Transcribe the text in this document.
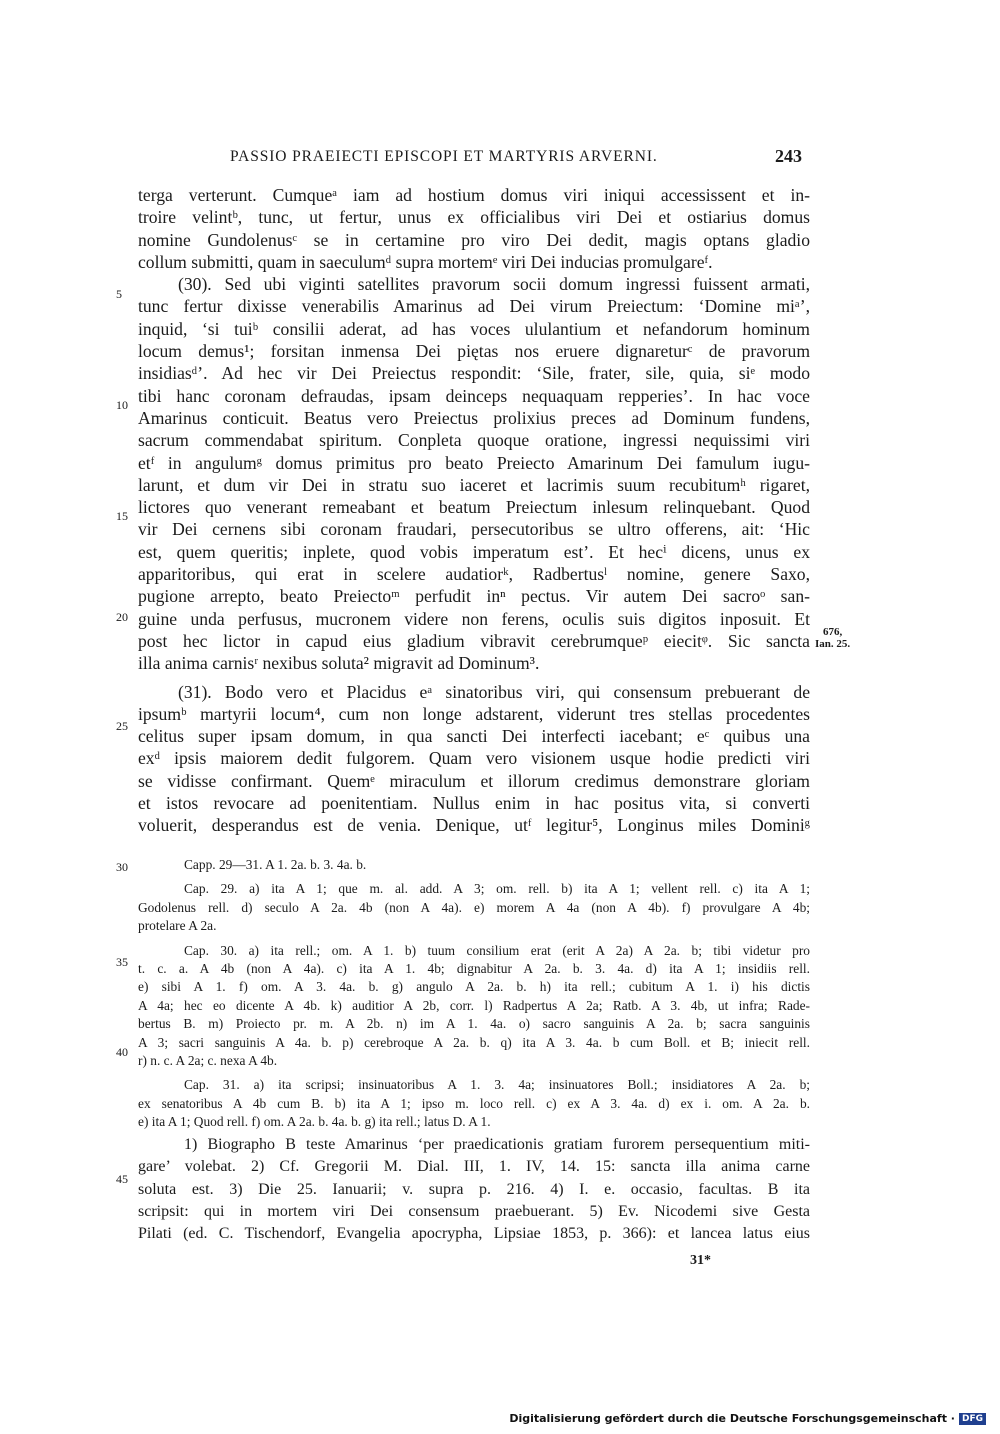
PASSIO PRAEIECTI EPISCOPI ET MARTYRIS ARVERNI.	243
terga verterunt. Cumqueᵃ iam ad hostium domus viri iniqui accessissent et in-
troire velintᵇ, tunc, ut fertur, unus ex officialibus viri Dei et ostiarius domus
nomine Gundolenusᶜ se in certamine pro viro Dei dedit, magis optans gladio
collum submitti, quam in saeculumᵈ supra mortemᵉ viri Dei inducias promulgareᶠ.
(30). Sed ubi viginti satellites pravorum socii domum ingressi fuissent armati,
tunc fertur dixisse venerabilis Amarinus ad Dei virum Preiectum: ‘Domine miᵃ’,
inquid, ‘si tuiᵇ consilii aderat, ad has voces ululantium et nefandorum hominum
locum demus¹; forsitan inmensa Dei piętas nos eruere dignareturᶜ de pravorum
insidiasᵈ’. Ad hec vir Dei Preiectus respondit: ‘Sile, frater, sile, quia, siᵉ modo
tibi hanc coronam defraudas, ipsam deinceps nequaquam repperies’. In hac voce
Amarinus conticuit. Beatus vero Preiectus prolixius preces ad Dominum fundens,
sacrum commendabat spiritum. Conpleta quoque oratione, ingressi nequissimi viri
etᶠ in angulumᵍ domus primitus pro beato Preiecto Amarinum Dei famulum iugu-
larunt, et dum vir Dei in stratu suo iaceret et lacrimis suum recubitumʰ rigaret,
lictores quo venerant remeabant et beatum Preiectum inlesum relinquebant. Quod
vir Dei cernens sibi coronam fraudari, persecutoribus se ultro offerens, ait: ‘Hic
est, quem queritis; inplete, quod vobis imperatum est’. Et hecⁱ dicens, unus ex
apparitoribus, qui erat in scelere audatiorᵏ, Radbertusˡ nomine, genere Saxo,
pugione arrepto, beato Preiectoᵐ perfudit inⁿ pectus. Vir autem Dei sacroᵒ san-
guine unda perfusus, mucronem videre non ferens, oculis suis digitos inposuit. Et
post hec lictor in capud eius gladium vibravit cerebrumqueᵖ eiecitᵠ. Sic sancta
illa anima carnisʳ nexibus soluta² migravit ad Dominum³.
(31). Bodo vero et Placidus eᵃ sinatoribus viri, qui consensum prebuerant de
ipsumᵇ martyrii locum⁴, cum non longe adstarent, viderunt tres stellas procedentes
celitus super ipsam domum, in qua sancti Dei interfecti iacebant; eᶜ quibus una
exᵈ ipsis maiorem dedit fulgorem. Quam vero visionem usque hodie predicti viri
se vidisse confirmant. Quemᵉ miraculum et illorum credimus demonstrare gloriam
et istos revocare ad poenitentiam. Nullus enim in hac positus vita, si converti
voluerit, desperandus est de venia. Denique, utᶠ legitur⁵, Longinus miles Dominiᵍ
5
10
15
20
25
676,
Ian. 25.
Capp. 29—31. A 1. 2a. b. 3. 4a. b.
Cap. 29. a) ita A 1; que m. al. add. A 3; om. rell. b) ita A 1; vellent rell. c) ita A 1;
Godolenus rell. d) seculo A 2a. 4b (non A 4a). e) morem A 4a (non A 4b). f) provulgare A 4b;
protelare A 2a.
Cap. 30. a) ita rell.; om. A 1. b) tuum consilium erat (erit A 2a) A 2a. b; tibi videtur pro
t. c. a. A 4b (non A 4a). c) ita A 1. 4b; dignabitur A 2a. b. 3. 4a. d) ita A 1; insidiis rell.
e) sibi A 1. f) om. A 3. 4a. b. g) angulo A 2a. b. h) ita rell.; cubitum A 1. i) his dictis
A 4a; hec eo dicente A 4b. k) auditior A 2b, corr. l) Radpertus A 2a; Ratb. A 3. 4b, ut infra; Rade-
bertus B. m) Proiecto pr. m. A 2b. n) im A 1. 4a. o) sacro sanguinis A 2a. b; sacra sanguinis
A 3; sacri sanguinis A 4a. b. p) cerebroque A 2a. b. q) ita A 3. 4a. b cum Boll. et B; iniecit rell.
r) n. c. A 2a; c. nexa A 4b.
Cap. 31. a) ita scripsi; insinuatoribus A 1. 3. 4a; insinuatores Boll.; insidiatores A 2a. b;
ex senatoribus A 4b cum B. b) ita A 1; ipso m. loco rell. c) ex A 3. 4a. d) ex i. om. A 2a. b.
e) ita A 1; Quod rell. f) om. A 2a. b. 4a. b. g) ita rell.; latus D. A 1.
30
35
40
1) Biographo B teste Amarinus ‘per praedicationis gratiam furorem persequentium miti-
gare’ volebat. 2) Cf. Gregorii M. Dial. III, 1. IV, 14. 15: sancta illa anima carne
soluta est. 3) Die 25. Ianuarii; v. supra p. 216. 4) I. e. occasio, facultas. B ita
scripsit: qui in mortem viri Dei consensum praebuerant. 5) Ev. Nicodemi sive Gesta
Pilati (ed. C. Tischendorf, Evangelia apocrypha, Lipsiae 1853, p. 366): et lancea latus eius
45
31*
Digitalisierung gefördert durch die Deutsche Forschungsgemeinschaft · DFG
